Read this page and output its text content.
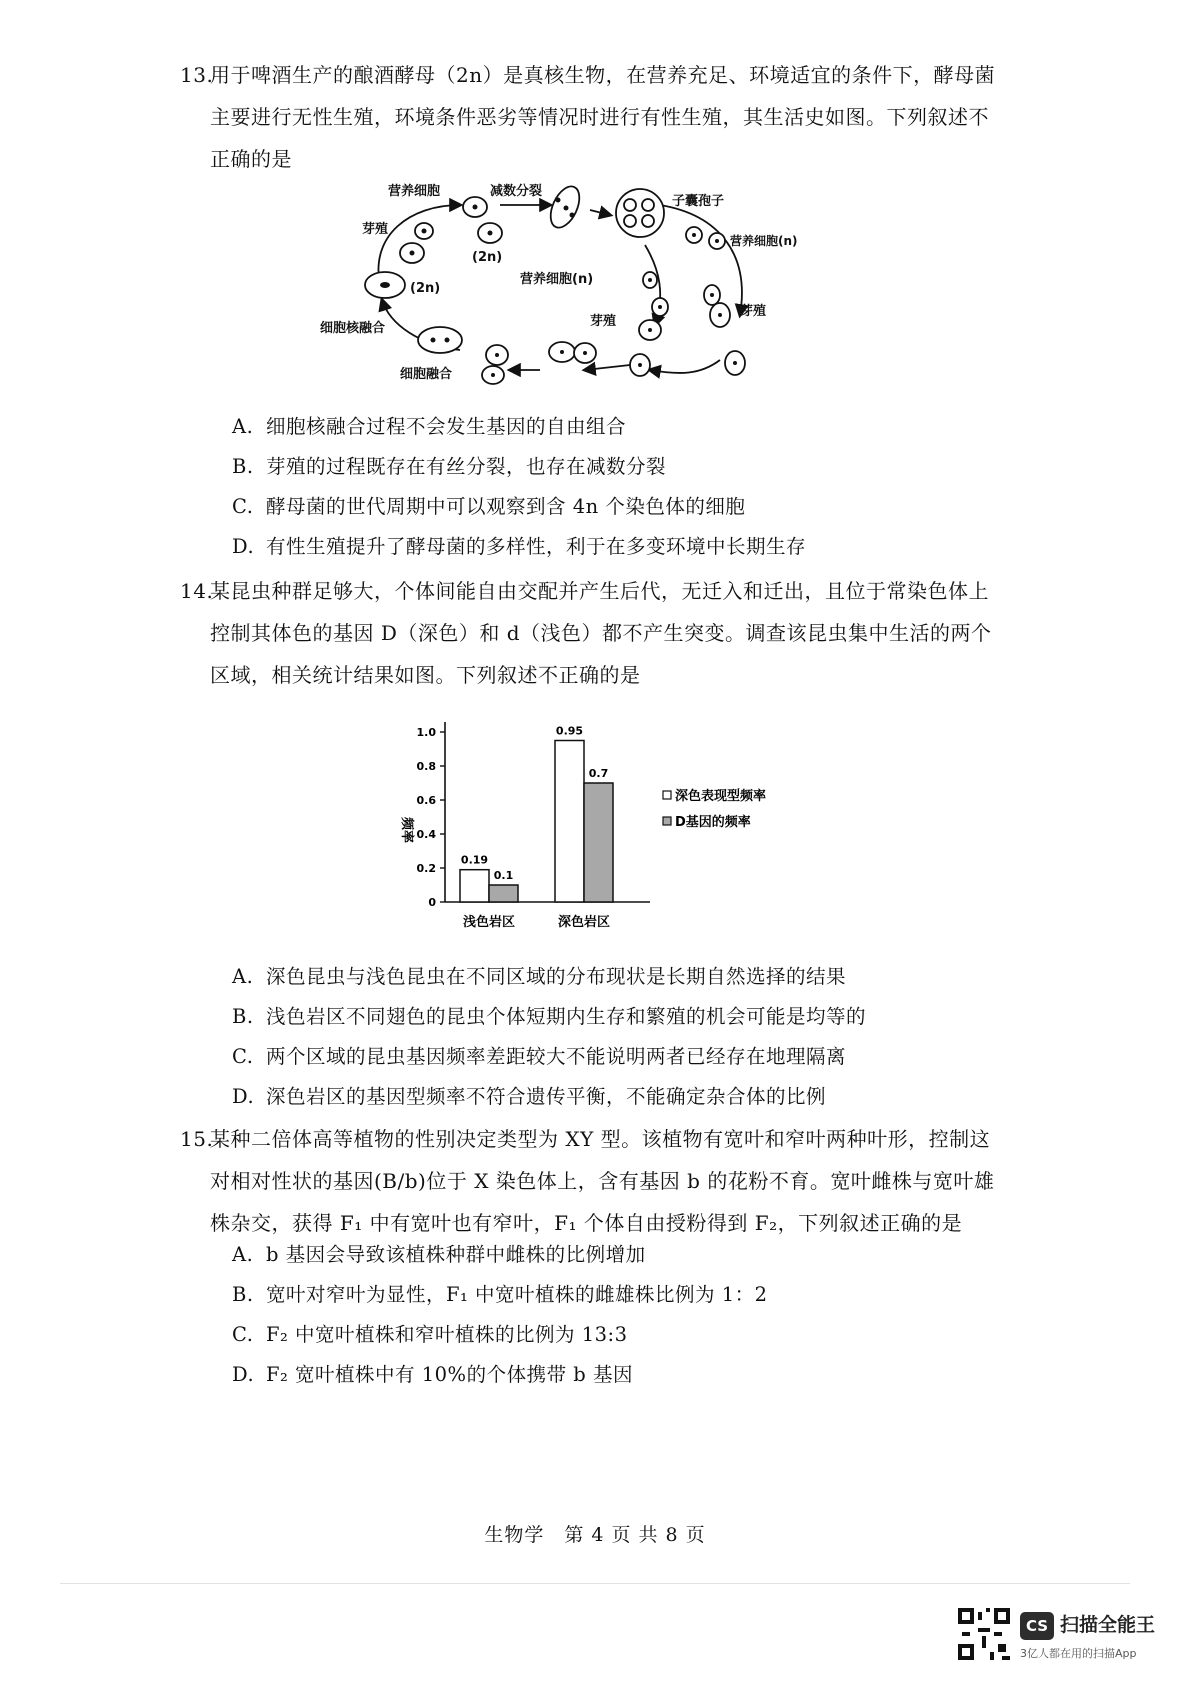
13.
用于啤酒生产的酿酒酵母（2n）是真核生物，在营养充足、环境适宜的条件下，酵母菌
主要进行无性生殖，环境条件恶劣等情况时进行有性生殖，其生活史如图。下列叙述不
正确的是
营养细胞	减数分裂
子囊孢子
芽殖
(2n)
(2n)
营养细胞(n)
营养细胞(n)
芽殖
芽殖
细胞核融合
细胞融合
A. 细胞核融合过程不会发生基因的自由组合
B. 芽殖的过程既存在有丝分裂，也存在减数分裂
C. 酵母菌的世代周期中可以观察到含 4n 个染色体的细胞
D. 有性生殖提升了酵母菌的多样性，利于在多变环境中长期生存
14.
某昆虫种群足够大，个体间能自由交配并产生后代，无迁入和迁出，且位于常染色体上
控制其体色的基因 D（深色）和 d（浅色）都不产生突变。调查该昆虫集中生活的两个
区域，相关统计结果如图。下列叙述不正确的是
0
0.2
0.4
0.6
0.8
1.0
频率
0.19
0.1
浅色岩区
0.95
0.7
深色岩区
深色表现型频率
D基因的频率
A. 深色昆虫与浅色昆虫在不同区域的分布现状是长期自然选择的结果
B. 浅色岩区不同翅色的昆虫个体短期内生存和繁殖的机会可能是均等的
C. 两个区域的昆虫基因频率差距较大不能说明两者已经存在地理隔离
D. 深色岩区的基因型频率不符合遗传平衡，不能确定杂合体的比例
15.
某种二倍体高等植物的性别决定类型为 XY 型。该植物有宽叶和窄叶两种叶形，控制这
对相对性状的基因(B/b)位于 X 染色体上，含有基因 b 的花粉不育。宽叶雌株与宽叶雄
株杂交，获得 F₁ 中有宽叶也有窄叶，F₁ 个体自由授粉得到 F₂，下列叙述正确的是
A. b 基因会导致该植株种群中雌株的比例增加
B. 宽叶对窄叶为显性，F₁ 中宽叶植株的雌雄株比例为 1：2
C. F₂ 中宽叶植株和窄叶植株的比例为 13:3
D. F₂ 宽叶植株中有 10%的个体携带 b 基因
生物学　第 4 页 共 8 页
CS 扫描全能王
3亿人都在用的扫描App
